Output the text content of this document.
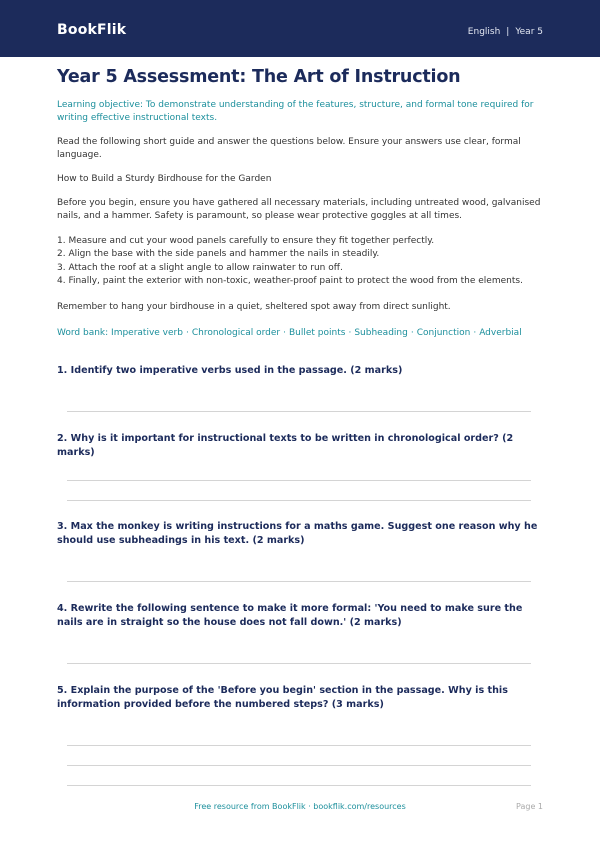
BookFlik	English | Year 5
Year 5 Assessment: The Art of Instruction
Learning objective: To demonstrate understanding of the features, structure, and formal tone required for writing effective instructional texts.
Read the following short guide and answer the questions below. Ensure your answers use clear, formal language.
How to Build a Sturdy Birdhouse for the Garden
Before you begin, ensure you have gathered all necessary materials, including untreated wood, galvanised nails, and a hammer. Safety is paramount, so please wear protective goggles at all times.
1. Measure and cut your wood panels carefully to ensure they fit together perfectly.
2. Align the base with the side panels and hammer the nails in steadily.
3. Attach the roof at a slight angle to allow rainwater to run off.
4. Finally, paint the exterior with non-toxic, weather-proof paint to protect the wood from the elements.
Remember to hang your birdhouse in a quiet, sheltered spot away from direct sunlight.
Word bank: Imperative verb · Chronological order · Bullet points · Subheading · Conjunction · Adverbial
1. Identify two imperative verbs used in the passage. (2 marks)
2. Why is it important for instructional texts to be written in chronological order? (2 marks)
3. Max the monkey is writing instructions for a maths game. Suggest one reason why he should use subheadings in his text. (2 marks)
4. Rewrite the following sentence to make it more formal: 'You need to make sure the nails are in straight so the house does not fall down.' (2 marks)
5. Explain the purpose of the 'Before you begin' section in the passage. Why is this information provided before the numbered steps? (3 marks)
Free resource from BookFlik · bookflik.com/resources	Page 1
